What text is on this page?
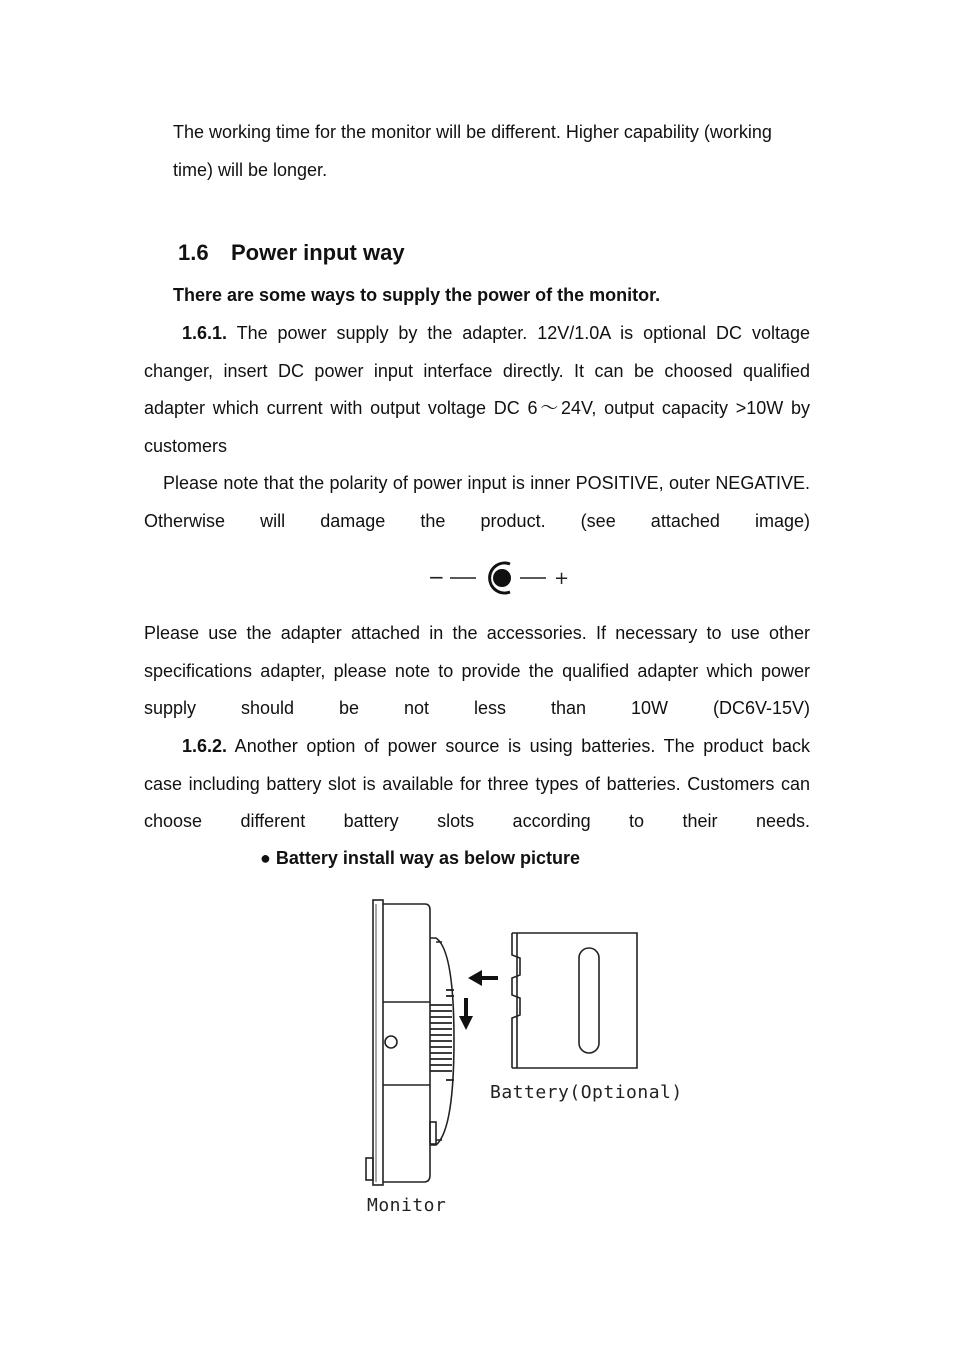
The working time for the monitor will be different. Higher capability (working time) will be longer.

1.6 Power input way

There are some ways to supply the power of the monitor.

1.6.1. The power supply by the adapter. 12V/1.0A is optional DC voltage changer, insert DC power input interface directly. It can be choosed qualified adapter which current with output voltage DC 6～24V, output capacity >10W by customers

Please note that the polarity of power input is inner POSITIVE, outer NEGATIVE. Otherwise will damage the product. (see attached image)

−	+

Please use the adapter attached in the accessories. If necessary to use other specifications adapter, please note to provide the qualified adapter which power supply should be not less than 10W (DC6V-15V)

1.6.2. Another option of power source is using batteries. The product back case including battery slot is available for three types of batteries. Customers can choose different battery slots according to their needs.

● Battery install way as below picture

Battery(Optional)
Monitor
